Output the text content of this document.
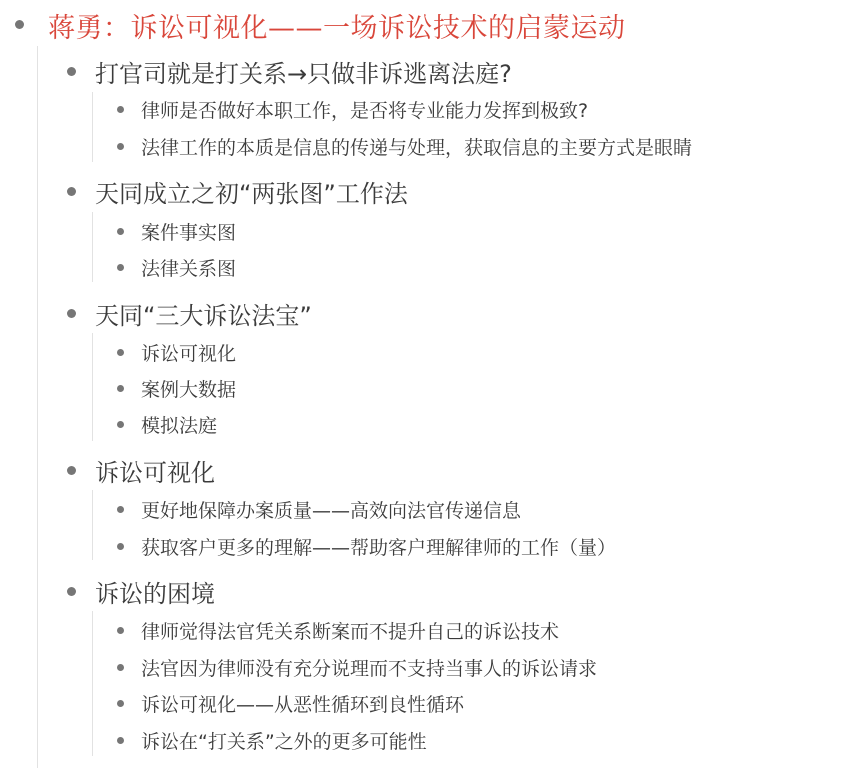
蒋勇：诉讼可视化——一场诉讼技术的启蒙运动
打官司就是打关系→只做非诉逃离法庭?
律师是否做好本职工作，是否将专业能力发挥到极致?
法律工作的本质是信息的传递与处理，获取信息的主要方式是眼睛
天同成立之初“两张图”工作法
案件事实图
法律关系图
天同“三大诉讼法宝”
诉讼可视化
案例大数据
模拟法庭
诉讼可视化
更好地保障办案质量——高效向法官传递信息
获取客户更多的理解——帮助客户理解律师的工作（量）
诉讼的困境
律师觉得法官凭关系断案而不提升自己的诉讼技术
法官因为律师没有充分说理而不支持当事人的诉讼请求
诉讼可视化——从恶性循环到良性循环
诉讼在“打关系”之外的更多可能性
